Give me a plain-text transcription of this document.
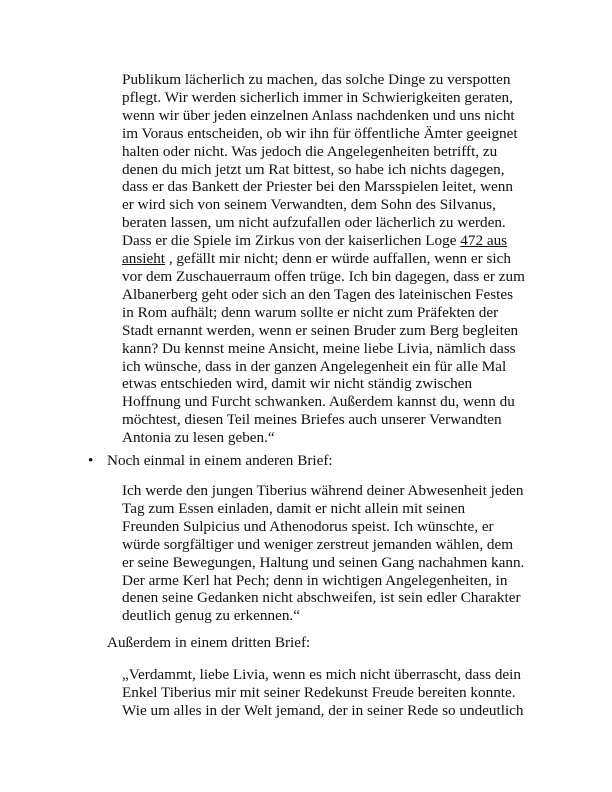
Publikum lächerlich zu machen, das solche Dinge zu verspotten
pflegt. Wir werden sicherlich immer in Schwierigkeiten geraten,
wenn wir über jeden einzelnen Anlass nachdenken und uns nicht
im Voraus entscheiden, ob wir ihn für öffentliche Ämter geeignet
halten oder nicht. Was jedoch die Angelegenheiten betrifft, zu
denen du mich jetzt um Rat bittest, so habe ich nichts dagegen,
dass er das Bankett der Priester bei den Marsspielen leitet, wenn
er wird sich von seinem Verwandten, dem Sohn des Silvanus,
beraten lassen, um nicht aufzufallen oder lächerlich zu werden.
Dass er die Spiele im Zirkus von der kaiserlichen Loge 472 aus
ansieht , gefällt mir nicht; denn er würde auffallen, wenn er sich
vor dem Zuschauerraum offen trüge. Ich bin dagegen, dass er zum
Albanerberg geht oder sich an den Tagen des lateinischen Festes
in Rom aufhält; denn warum sollte er nicht zum Präfekten der
Stadt ernannt werden, wenn er seinen Bruder zum Berg begleiten
kann? Du kennst meine Ansicht, meine liebe Livia, nämlich dass
ich wünsche, dass in der ganzen Angelegenheit ein für alle Mal
etwas entschieden wird, damit wir nicht ständig zwischen
Hoffnung und Furcht schwanken. Außerdem kannst du, wenn du
möchtest, diesen Teil meines Briefes auch unserer Verwandten
Antonia zu lesen geben.“
• Noch einmal in einem anderen Brief:
Ich werde den jungen Tiberius während deiner Abwesenheit jeden
Tag zum Essen einladen, damit er nicht allein mit seinen
Freunden Sulpicius und Athenodorus speist. Ich wünschte, er
würde sorgfältiger und weniger zerstreut jemanden wählen, dem
er seine Bewegungen, Haltung und seinen Gang nachahmen kann.
Der arme Kerl hat Pech; denn in wichtigen Angelegenheiten, in
denen seine Gedanken nicht abschweifen, ist sein edler Charakter
deutlich genug zu erkennen.“
Außerdem in einem dritten Brief:
„Verdammt, liebe Livia, wenn es mich nicht überrascht, dass dein
Enkel Tiberius mir mit seiner Redekunst Freude bereiten konnte.
Wie um alles in der Welt jemand, der in seiner Rede so undeutlich
